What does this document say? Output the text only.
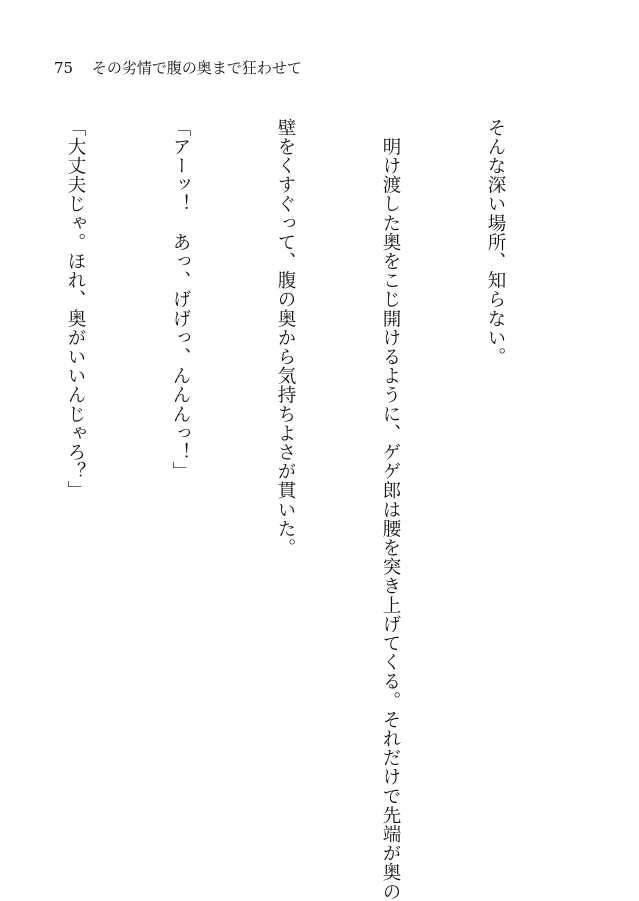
75 その劣情で腹の奥まで狂わせて

そんな深い場所、知らない。

　明け渡した奥をこじ開けるように、ゲゲ郎は腰を突き上げてくる。それだけで先端が奥の

壁をくすぐって、腹の奥から気持ちよさが貫いた。

「アーッ！　あっ、げげっ、んんんっ！」

「大丈夫じゃ。ほれ、奥がいいんじゃろ？」
